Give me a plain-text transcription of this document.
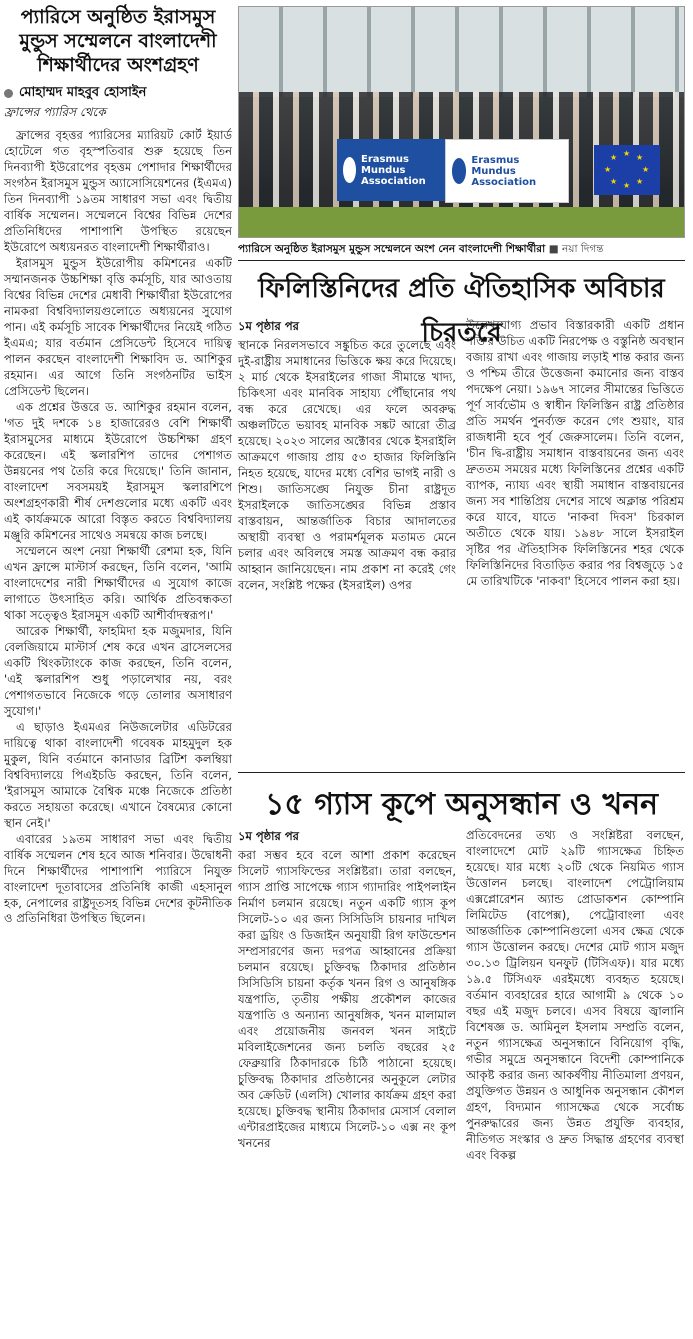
প্যারিসে অনুষ্ঠিত ইরাসমুস
মুন্ডুস সম্মেলনে বাংলাদেশী
শিক্ষার্থীদের অংশগ্রহণ
মোহাম্মদ মাহবুব হোসাইন
ফ্রান্সের প্যারিস থেকে

ফ্রান্সের বৃহত্তর প্যারিসের ম্যারিয়ট কোর্ট ইয়ার্ড হোটেলে গত বৃহস্পতিবার শুরু হয়েছে তিন দিনব্যাপী ইউরোপের বৃহত্তম পেশাদার শিক্ষার্থীদের সংগঠন ইরাসমুস মুন্ডুস অ্যাসোসিয়েশনের (ইএমএ) তিন দিনব্যাপী ১৯তম সাধারণ সভা এবং দ্বিতীয় বার্ষিক সম্মেলন। সম্মেলনে বিশ্বের বিভিন্ন দেশের প্রতিনিধিদের পাশাপাশি উপস্থিত রয়েছেন ইউরোপে অধ্যয়নরত বাংলাদেশী শিক্ষার্থীরাও।

ইরাসমুস মুন্ডুস ইউরোপীয় কমিশনের একটি সম্মানজনক উচ্চশিক্ষা বৃত্তি কর্মসূচি, যার আওতায় বিশ্বের বিভিন্ন দেশের মেধাবী শিক্ষার্থীরা ইউরোপের নামকরা বিশ্ববিদ্যালয়গুলোতে অধ্যয়নের সুযোগ পান। এই কর্মসূচি সাবেক শিক্ষার্থীদের নিয়েই গঠিত ইএমএ; যার বর্তমান প্রেসিডেন্ট হিসেবে দায়িত্ব পালন করছেন বাংলাদেশী শিক্ষাবিদ ড. আশিকুর রহমান। এর আগে তিনি সংগঠনটির ভাইস প্রেসিডেন্ট ছিলেন।

এক প্রশ্নের উত্তরে ড. আশিকুর রহমান বলেন, 'গত দুই দশকে ১৪ হাজারেরও বেশি শিক্ষার্থী ইরাসমুসের মাধ্যমে ইউরোপে উচ্চশিক্ষা গ্রহণ করেছেন। এই স্কলারশিপ তাদের পেশাগত উন্নয়নের পথ তৈরি করে দিয়েছে।' তিনি জানান, বাংলাদেশ সবসময়ই ইরাসমুস স্কলারশিপে অংশগ্রহণকারী শীর্ষ দেশগুলোর মধ্যে একটি এবং এই কার্যক্রমকে আরো বিস্তৃত করতে বিশ্ববিদ্যালয় মঞ্জুরি কমিশনের সাথেও সমন্বয়ে কাজ চলছে।

সম্মেলনে অংশ নেয়া শিক্ষার্থী রেশমা হক, যিনি এখন ফ্রান্সে মাস্টার্স করছেন, তিনি বলেন, 'আমি বাংলাদেশের নারী শিক্ষার্থীদের এ সুযোগ কাজে লাগাতে উৎসাহিত করি। আর্থিক প্রতিবন্ধকতা থাকা সত্ত্বেও ইরাসমুস একটি আশীর্বাদস্বরূপ।'

আরেক শিক্ষার্থী, ফাহমিদা হক মজুমদার, যিনি বেলজিয়ামে মাস্টার্স শেষ করে এখন ব্রাসেলসের একটি থিংকট্যাংকে কাজ করছেন, তিনি বলেন, 'এই স্কলারশিপ শুধু পড়ালেখার নয়, বরং পেশাগতভাবে নিজেকে গড়ে তোলার অসাধারণ সুযোগ।'

এ ছাড়াও ইএমএর নিউজলেটার এডিটরের দায়িত্বে থাকা বাংলাদেশী গবেষক মাহমুদুল হক মুকুল, যিনি বর্তমানে কানাডার ব্রিটিশ কলম্বিয়া বিশ্ববিদ্যালয়ে পিএইচডি করছেন, তিনি বলেন, 'ইরাসমুস আমাকে বৈশ্বিক মঞ্চে নিজেকে প্রতিষ্ঠা করতে সহায়তা করেছে। এখানে বৈষম্যের কোনো স্থান নেই।'

এবারের ১৯তম সাধারণ সভা এবং দ্বিতীয় বার্ষিক সম্মেলন শেষ হবে আজ শনিবার। উদ্বোধনী দিনে শিক্ষার্থীদের পাশাপাশি প্যারিসে নিযুক্ত বাংলাদেশ দূতাবাসের প্রতিনিধি কাজী এহসানুল হক, নেপালের রাষ্ট্রদূতসহ বিভিন্ন দেশের কূটনীতিক ও প্রতিনিধিরা উপস্থিত ছিলেন।

Erasmus Mundus Association
Erasmus Mundus Association
★ ★
★
★
★
★
★
★
প্যারিসে অনুষ্ঠিত ইরাসমুস মুন্ডুস সম্মেলনে অংশ নেন বাংলাদেশী শিক্ষার্থীরা ■ নয়া দিগন্ত
ফিলিস্তিনিদের প্রতি ঐতিহাসিক অবিচার চিরতরে
১ম পৃষ্ঠার পর
স্থানকে নিরলসভাবে সঙ্কুচিত করে তুলেছে এবং দুই-রাষ্ট্রীয় সমাধানের ভিত্তিকে ক্ষয় করে দিয়েছে। ২ মার্চ থেকে ইসরাইলের গাজা সীমান্তে খাদ্য, চিকিৎসা এবং মানবিক সাহায্য পৌঁছানোর পথ বন্ধ করে রেখেছে। এর ফলে অবরুদ্ধ অঞ্চলটিতে ভয়াবহ মানবিক সঙ্কট আরো তীব্র হয়েছে। ২০২৩ সালের অক্টোবর থেকে ইসরাইলি আক্রমণে গাজায় প্রায় ৫৩ হাজার ফিলিস্তিনি নিহত হয়েছে, যাদের মধ্যে বেশির ভাগই নারী ও শিশু। জাতিসঙ্ঘে নিযুক্ত চীনা রাষ্ট্রদূত ইসরাইলকে জাতিসঙ্ঘের বিভিন্ন প্রস্তাব বাস্তবায়ন, আন্তর্জাতিক বিচার আদালতের অস্থায়ী ব্যবস্থা ও পরামর্শমূলক মতামত মেনে চলার এবং অবিলম্বে সমস্ত আক্রমণ বন্ধ করার আহ্বান জানিয়েছেন। নাম প্রকাশ না করেই গেং বলেন, সংশ্লিষ্ট পক্ষের (ইসরাইল) ওপর
উল্লেখযোগ্য প্রভাব বিস্তারকারী একটি প্রধান শক্তির উচিত একটি নিরপেক্ষ ও বস্তুনিষ্ঠ অবস্থান বজায় রাখা এবং গাজায় লড়াই শান্ত করার জন্য ও পশ্চিম তীরে উত্তেজনা কমানোর জন্য বাস্তব পদক্ষেপ নেয়া। ১৯৬৭ সালের সীমান্তের ভিত্তিতে পূর্ণ সার্বভৌম ও স্বাধীন ফিলিস্তিন রাষ্ট্র প্রতিষ্ঠার প্রতি সমর্থন পুনর্ব্যক্ত করেন গেং শুয়াং, যার রাজধানী হবে পূর্ব জেরুসালেম। তিনি বলেন, 'চীন দ্বি-রাষ্ট্রীয় সমাধান বাস্তবায়নের জন্য এবং দ্রুততম সময়ের মধ্যে ফিলিস্তিনের প্রশ্নের একটি ব্যাপক, ন্যায্য এবং স্থায়ী সমাধান বাস্তবায়নের জন্য সব শান্তিপ্রিয় দেশের সাথে অক্লান্ত পরিশ্রম করে যাবে, যাতে 'নাকবা দিবস' চিরকাল অতীতে থেকে যায়। ১৯৪৮ সালে ইসরাইল সৃষ্টির পর ঐতিহাসিক ফিলিস্তিনের শহর থেকে ফিলিস্তিনিদের বিতাড়িত করার পর বিশ্বজুড়ে ১৫ মে তারিখটিকে 'নাকবা' হিসেবে পালন করা হয়।
১৫ গ্যাস কূপে অনুসন্ধান ও খনন
১ম পৃষ্ঠার পর
করা সম্ভব হবে বলে আশা প্রকাশ করেছেন সিলেট গ্যাসফিল্ডের সংশ্লিষ্টরা। তারা বলছেন, গ্যাস প্রাপ্তি সাপেক্ষে গ্যাস গ্যাদারিং পাইপলাইন নির্মাণ চলমান রয়েছে। নতুন একটি গ্যাস কূপ সিলেট-১০ এর জন্য সিসিডিসি চায়নার দাখিল করা ড্রয়িং ও ডিজাইন অনুযায়ী রিগ ফাউন্ডেশন সম্প্রসারণের জন্য দরপত্র আহ্বানের প্রক্রিয়া চলমান রয়েছে। চুক্তিবদ্ধ ঠিকাদার প্রতিষ্ঠান সিসিডিসি চায়না কর্তৃক খনন রিগ ও আনুষঙ্গিক যন্ত্রপাতি, তৃতীয় পক্ষীয় প্রকৌশল কাজের যন্ত্রপাতি ও অন্যান্য আনুষঙ্গিক, খনন মালামাল এবং প্রয়োজনীয় জনবল খনন সাইটে মবিলাইজেশনের জন্য চলতি বছরের ২৫ ফেব্রুয়ারি ঠিকাদারকে চিঠি পাঠানো হয়েছে। চুক্তিবদ্ধ ঠিকাদার প্রতিষ্ঠানের অনুকূলে লেটার অব ক্রেডিট (এলসি) খোলার কার্যক্রম গ্রহণ করা হয়েছে। চুক্তিবদ্ধ স্থানীয় ঠিকাদার মেসার্স বেলাল এন্টারপ্রাইজের মাধ্যমে সিলেট-১০ এক্স নং কূপ খননের
প্রতিবেদনের তথ্য ও সংশ্লিষ্টরা বলছেন, বাংলাদেশে মোট ২৯টি গ্যাসক্ষেত্র চিহ্নিত হয়েছে। যার মধ্যে ২০টি থেকে নিয়মিত গ্যাস উত্তোলন চলছে। বাংলাদেশ পেট্রোলিয়াম এক্সপ্লোরেশন অ্যান্ড প্রোডাকশন কোম্পানি লিমিটেড (বাপেক্স), পেট্রোবাংলা এবং আন্তর্জাতিক কোম্পানিগুলো এসব ক্ষেত্র থেকে গ্যাস উত্তোলন করছে। দেশের মোট গ্যাস মজুদ ৩০.১৩ ট্রিলিয়ন ঘনফুট (টিসিএফ)। যার মধ্যে ১৯.৫ টিসিএফ এরইমধ্যে ব্যবহৃত হয়েছে। বর্তমান ব্যবহারের হারে আগামী ৯ থেকে ১০ বছর এই মজুদ চলবে। এসব বিষয়ে জ্বালানি বিশেষজ্ঞ ড. আমিনুল ইসলাম সম্প্রতি বলেন, নতুন গ্যাসক্ষেত্র অনুসন্ধানে বিনিয়োগ বৃদ্ধি, গভীর সমুদ্রে অনুসন্ধানে বিদেশী কোম্পানিকে আকৃষ্ট করার জন্য আকর্ষণীয় নীতিমালা প্রণয়ন, প্রযুক্তিগত উন্নয়ন ও আধুনিক অনুসন্ধান কৌশল গ্রহণ, বিদ্যমান গ্যাসক্ষেত্র থেকে সর্বোচ্চ পুনরুদ্ধারের জন্য উন্নত প্রযুক্তি ব্যবহার, নীতিগত সংস্কার ও দ্রুত সিদ্ধান্ত গ্রহণের ব্যবস্থা এবং বিকল্প
